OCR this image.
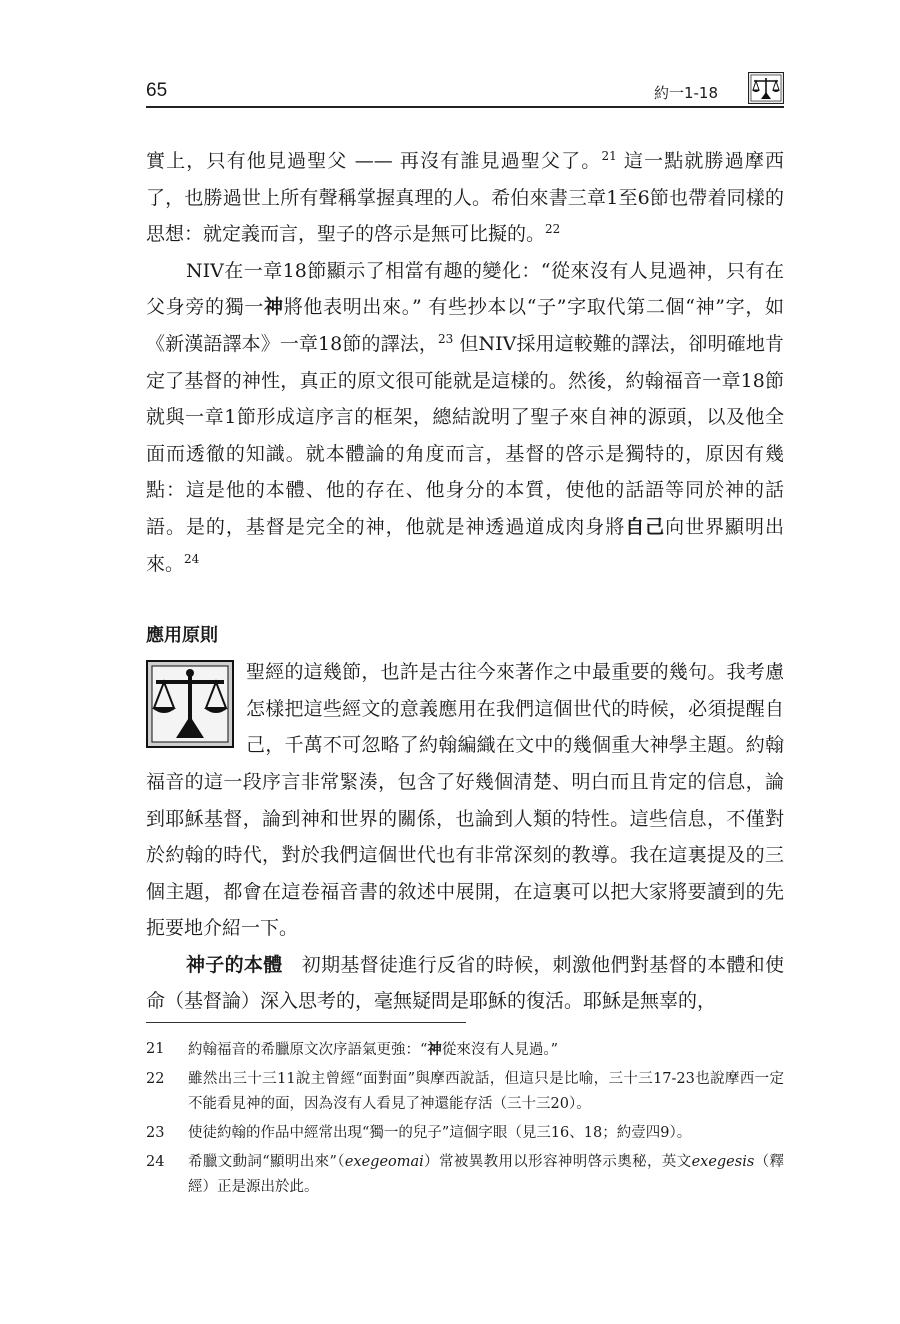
65	約一1-18

實上，只有他見過聖父 —— 再沒有誰見過聖父了。$^{21}$ 這一點就勝過摩西了，也勝過世上所有聲稱掌握真理的人。希伯來書三章1至6節也帶着同樣的思想：就定義而言，聖子的啓示是無可比擬的。$^{22}$

NIV在一章18節顯示了相當有趣的變化：“從來沒有人見過神，只有在父身旁的獨一神將他表明出來。” 有些抄本以“子”字取代第二個“神”字，如《新漢語譯本》一章18節的譯法，$^{23}$ 但NIV採用這較難的譯法，卻明確地肯定了基督的神性，真正的原文很可能就是這樣的。然後，約翰福音一章18節就與一章1節形成這序言的框架，總結說明了聖子來自神的源頭，以及他全面而透徹的知識。就本體論的角度而言，基督的啓示是獨特的，原因有幾點：這是他的本體、他的存在、他身分的本質，使他的話語等同於神的話語。是的，基督是完全的神，他就是神透過道成肉身將自己向世界顯明出來。$^{24}$

應用原則

聖經的這幾節，也許是古往今來著作之中最重要的幾句。我考慮怎樣把這些經文的意義應用在我們這個世代的時候，必須提醒自己，千萬不可忽略了約翰編織在文中的幾個重大神學主題。約翰福音的這一段序言非常緊湊，包含了好幾個清楚、明白而且肯定的信息，論到耶穌基督，論到神和世界的關係，也論到人類的特性。這些信息，不僅對於約翰的時代，對於我們這個世代也有非常深刻的教導。我在這裏提及的三個主題，都會在這卷福音書的敘述中展開，在這裏可以把大家將要讀到的先扼要地介紹一下。

神子的本體　初期基督徒進行反省的時候，刺激他們對基督的本體和使命（基督論）深入思考的，毫無疑問是耶穌的復活。耶穌是無辜的，

21	約翰福音的希臘原文次序語氣更強：“神從來沒有人見過。”
22	雖然出三十三11說主曾經“面對面”與摩西說話，但這只是比喻，三十三17-23也說摩西一定不能看見神的面，因為沒有人看見了神還能存活（三十三20）。
23	使徒約翰的作品中經常出現“獨一的兒子”這個字眼（見三16、18；約壹四9）。
24	希臘文動詞“顯明出來”（exegeomai）常被異教用以形容神明啓示奧秘，英文exegesis（釋經）正是源出於此。
